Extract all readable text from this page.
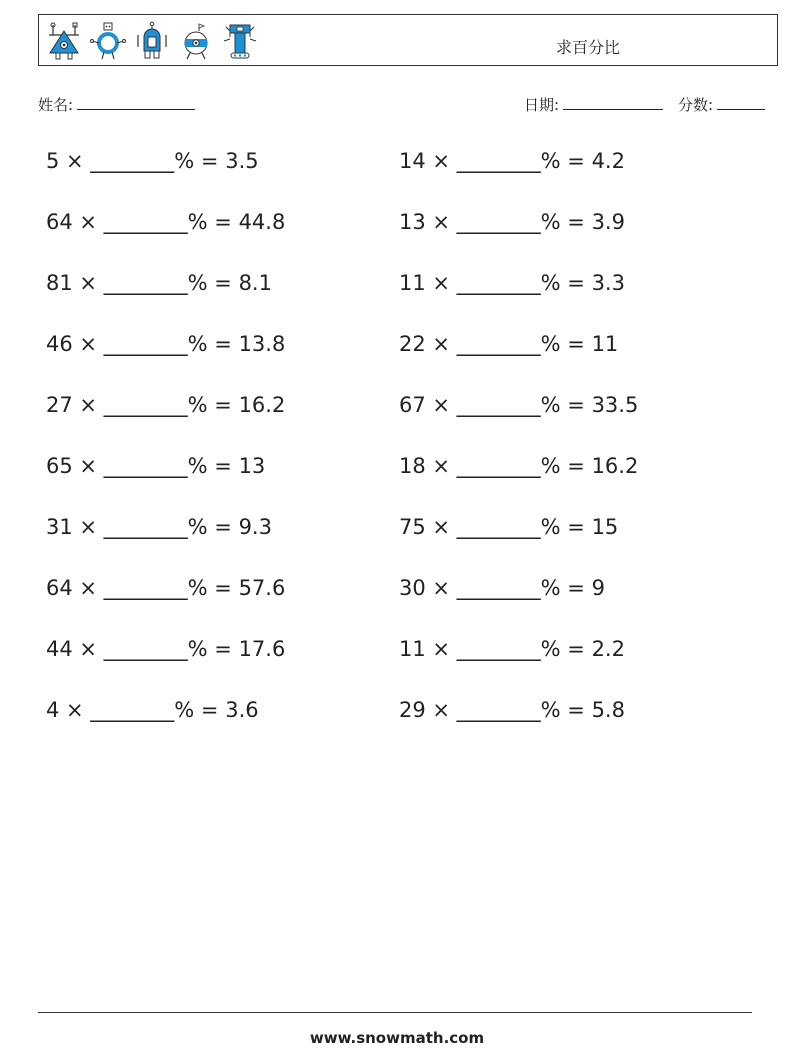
求百分比
姓名:	日期:	分数:
5 × ________% = 3.5
64 × ________% = 44.8
81 × ________% = 8.1
46 × ________% = 13.8
27 × ________% = 16.2
65 × ________% = 13
31 × ________% = 9.3
64 × ________% = 57.6
44 × ________% = 17.6
4 × ________% = 3.6
14 × ________% = 4.2
13 × ________% = 3.9
11 × ________% = 3.3
22 × ________% = 11
67 × ________% = 33.5
18 × ________% = 16.2
75 × ________% = 15
30 × ________% = 9
11 × ________% = 2.2
29 × ________% = 5.8
www.snowmath.com
